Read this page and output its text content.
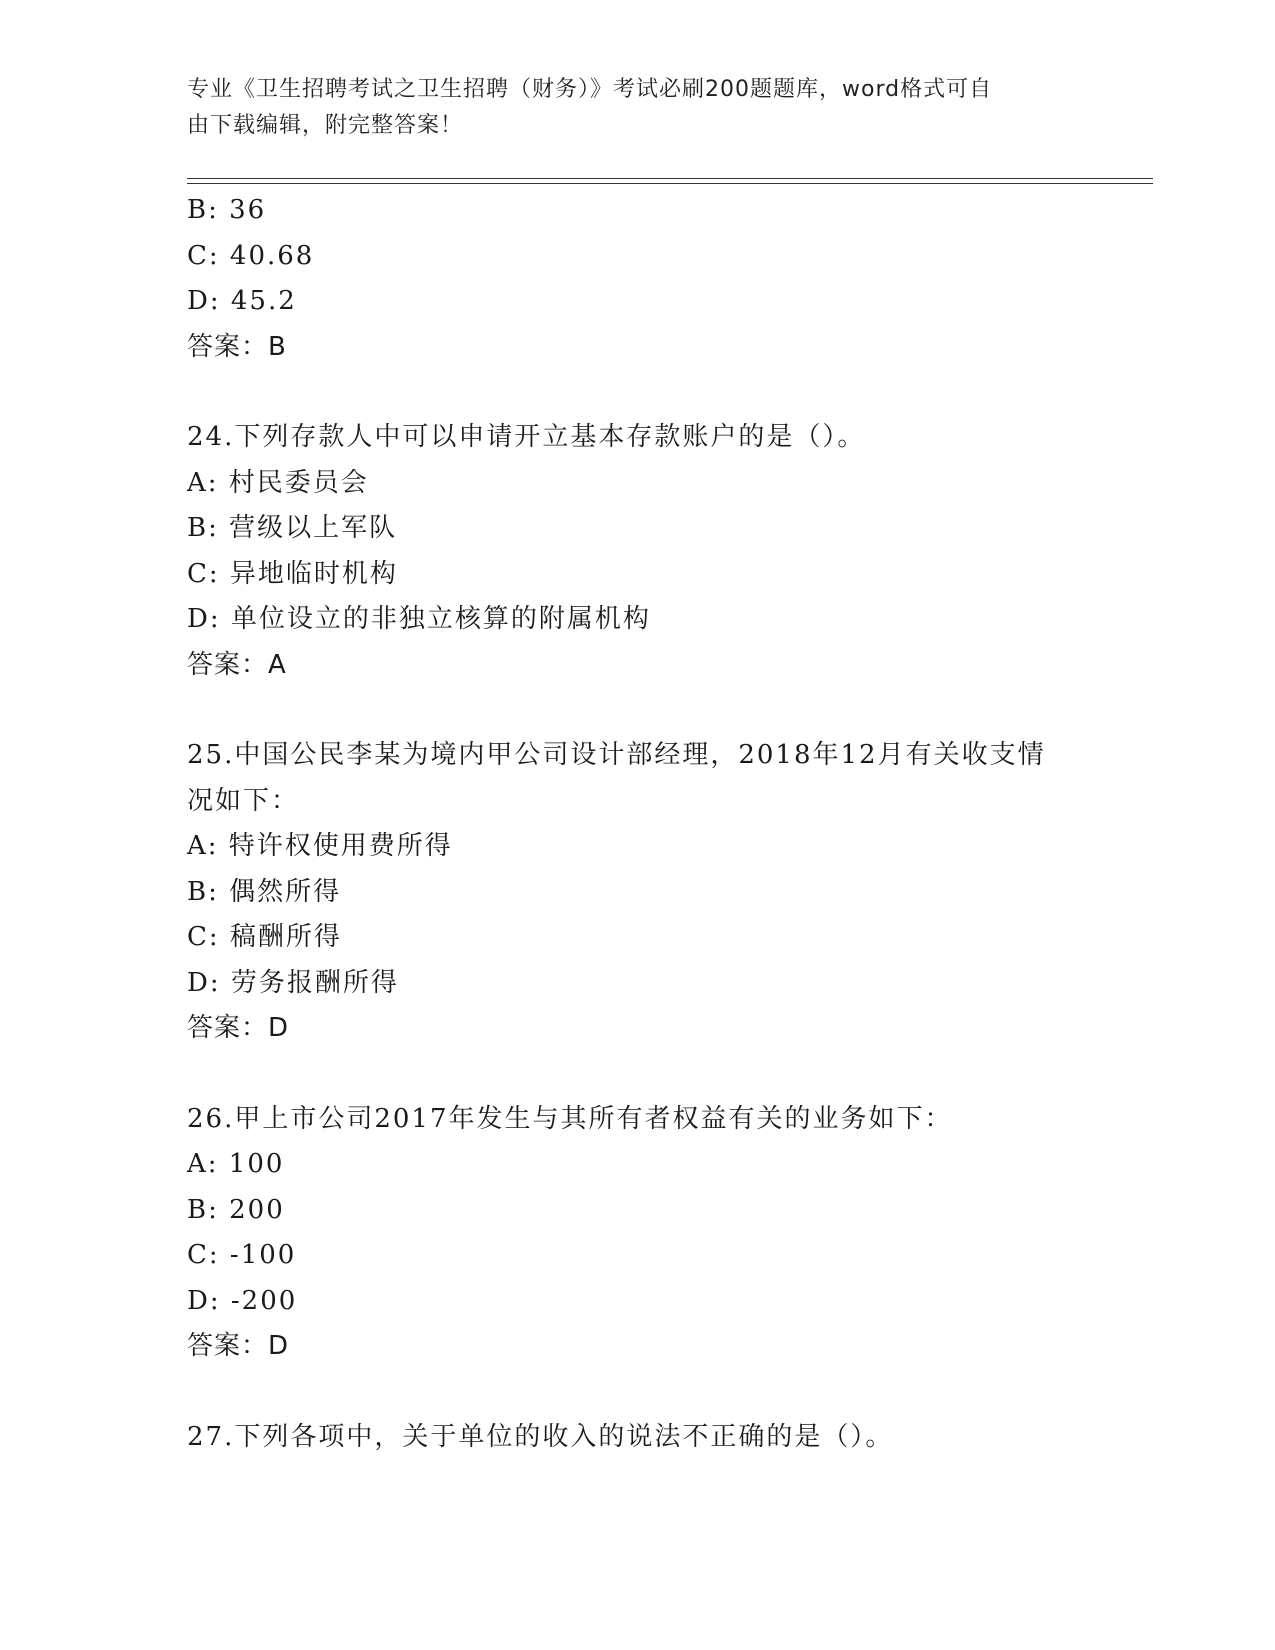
专业《卫生招聘考试之卫生招聘（财务）》考试必刷200题题库，word格式可自
由下载编辑，附完整答案！
B: 36
C: 40.68
D: 45.2
答案：B
24.下列存款人中可以申请开立基本存款账户的是（）。
A: 村民委员会
B: 营级以上军队
C: 异地临时机构
D: 单位设立的非独立核算的附属机构
答案：A
25.中国公民李某为境内甲公司设计部经理，2018年12月有关收支情
况如下：
A: 特许权使用费所得
B: 偶然所得
C: 稿酬所得
D: 劳务报酬所得
答案：D
26.甲上市公司2017年发生与其所有者权益有关的业务如下：
A: 100
B: 200
C: -100
D: -200
答案：D
27.下列各项中，关于单位的收入的说法不正确的是（）。
